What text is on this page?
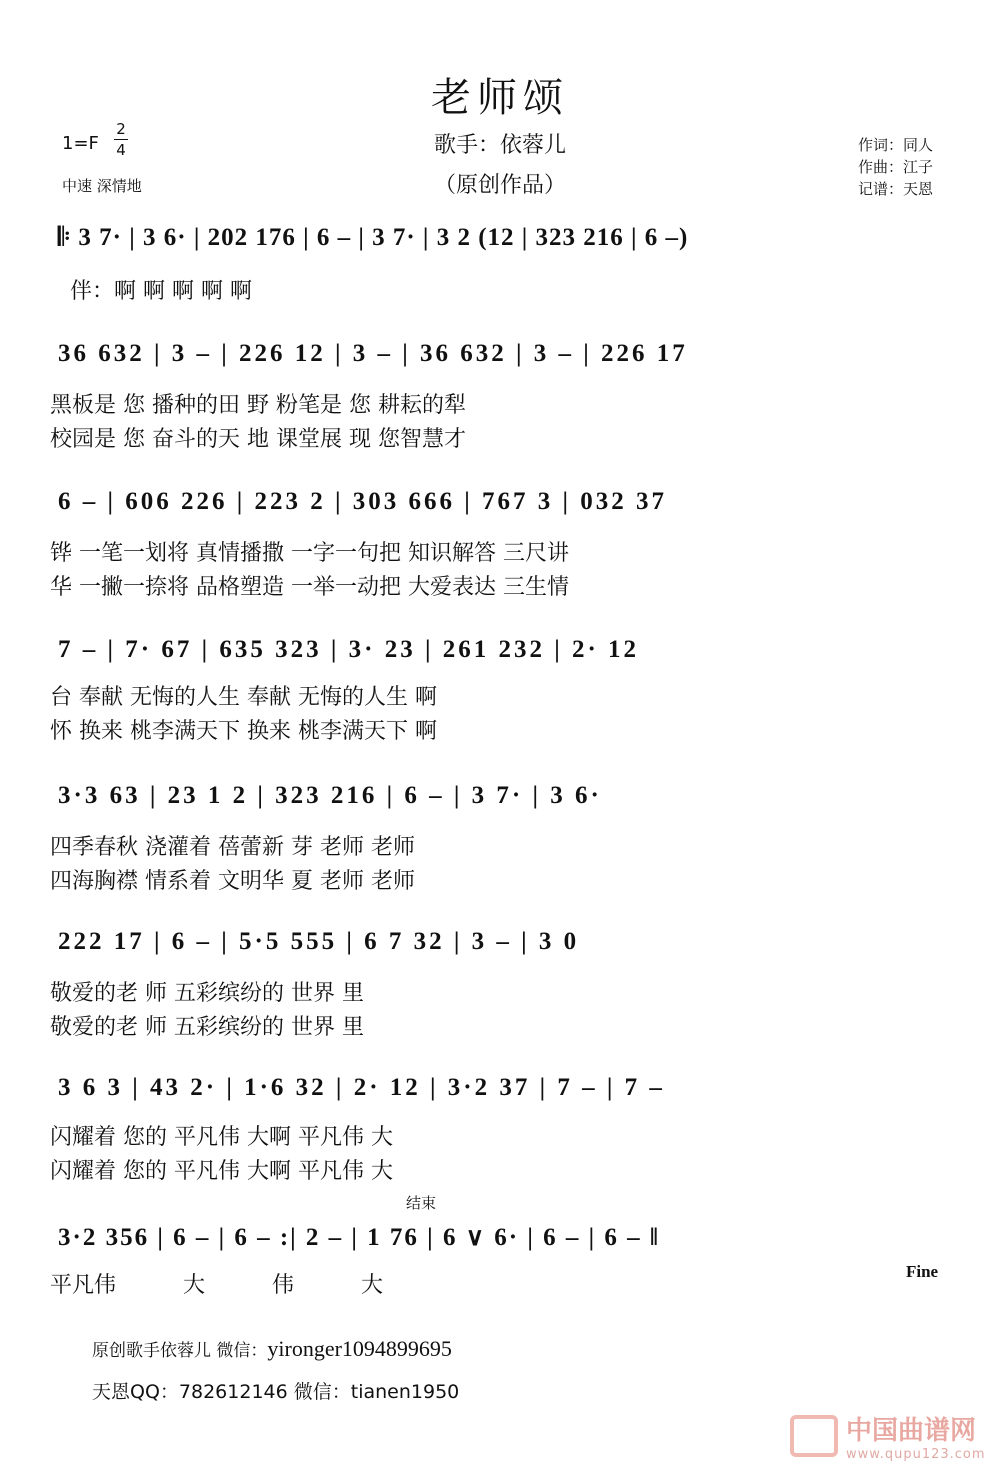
老师颂
歌手：依蓉儿
（原创作品）
1=F
2
4
中速 深情地
作词：同人
作曲：江子
记谱：天恩
𝄆 3 7· | 3 6· | 202 176 | 6 – | 3 7· | 3 2 (12 | 323 216 | 6 –)
伴：啊 啊 啊 啊 啊
36 632 | 3 – | 226 12 | 3 – | 36 632 | 3 – | 226 17
黑板是 您 播种的田 野 粉笔是 您 耕耘的犁
校园是 您 奋斗的天 地 课堂展 现 您智慧才
6 – | 606 226 | 223 2 | 303 666 | 767 3 | 032 37
铧 一笔一划将 真情播撒 一字一句把 知识解答 三尺讲
华 一撇一捺将 品格塑造 一举一动把 大爱表达 三生情
7 – | 7· 67 | 635 323 | 3· 23 | 261 232 | 2· 12
台 奉献 无悔的人生 奉献 无悔的人生 啊
怀 换来 桃李满天下 换来 桃李满天下 啊
3·3 63 | 23 1 2 | 323 216 | 6 – | 3 7· | 3 6·
四季春秋 浇灌着 蓓蕾新 芽 老师 老师
四海胸襟 情系着 文明华 夏 老师 老师
222 17 | 6 – | 5·5 555 | 6 7 32 | 3 – | 3 0
敬爱的老 师 五彩缤纷的 世界 里
敬爱的老 师 五彩缤纷的 世界 里
3 6 3 | 43 2· | 1·6 32 | 2· 12 | 3·2 37 | 7 – | 7 –
闪耀着 您的 平凡伟 大啊 平凡伟 大
闪耀着 您的 平凡伟 大啊 平凡伟 大
结束
3·2 356 | 6 – | 6 – :| 2 – | 1 76 | 6 ∨ 6· | 6 – | 6 – ‖
Fine
平凡伟 大 伟 大
原创歌手依蓉儿 微信：yironger1094899695
天恩QQ：782612146 微信：tianen1950
中国曲谱网
www.qupu123.com
